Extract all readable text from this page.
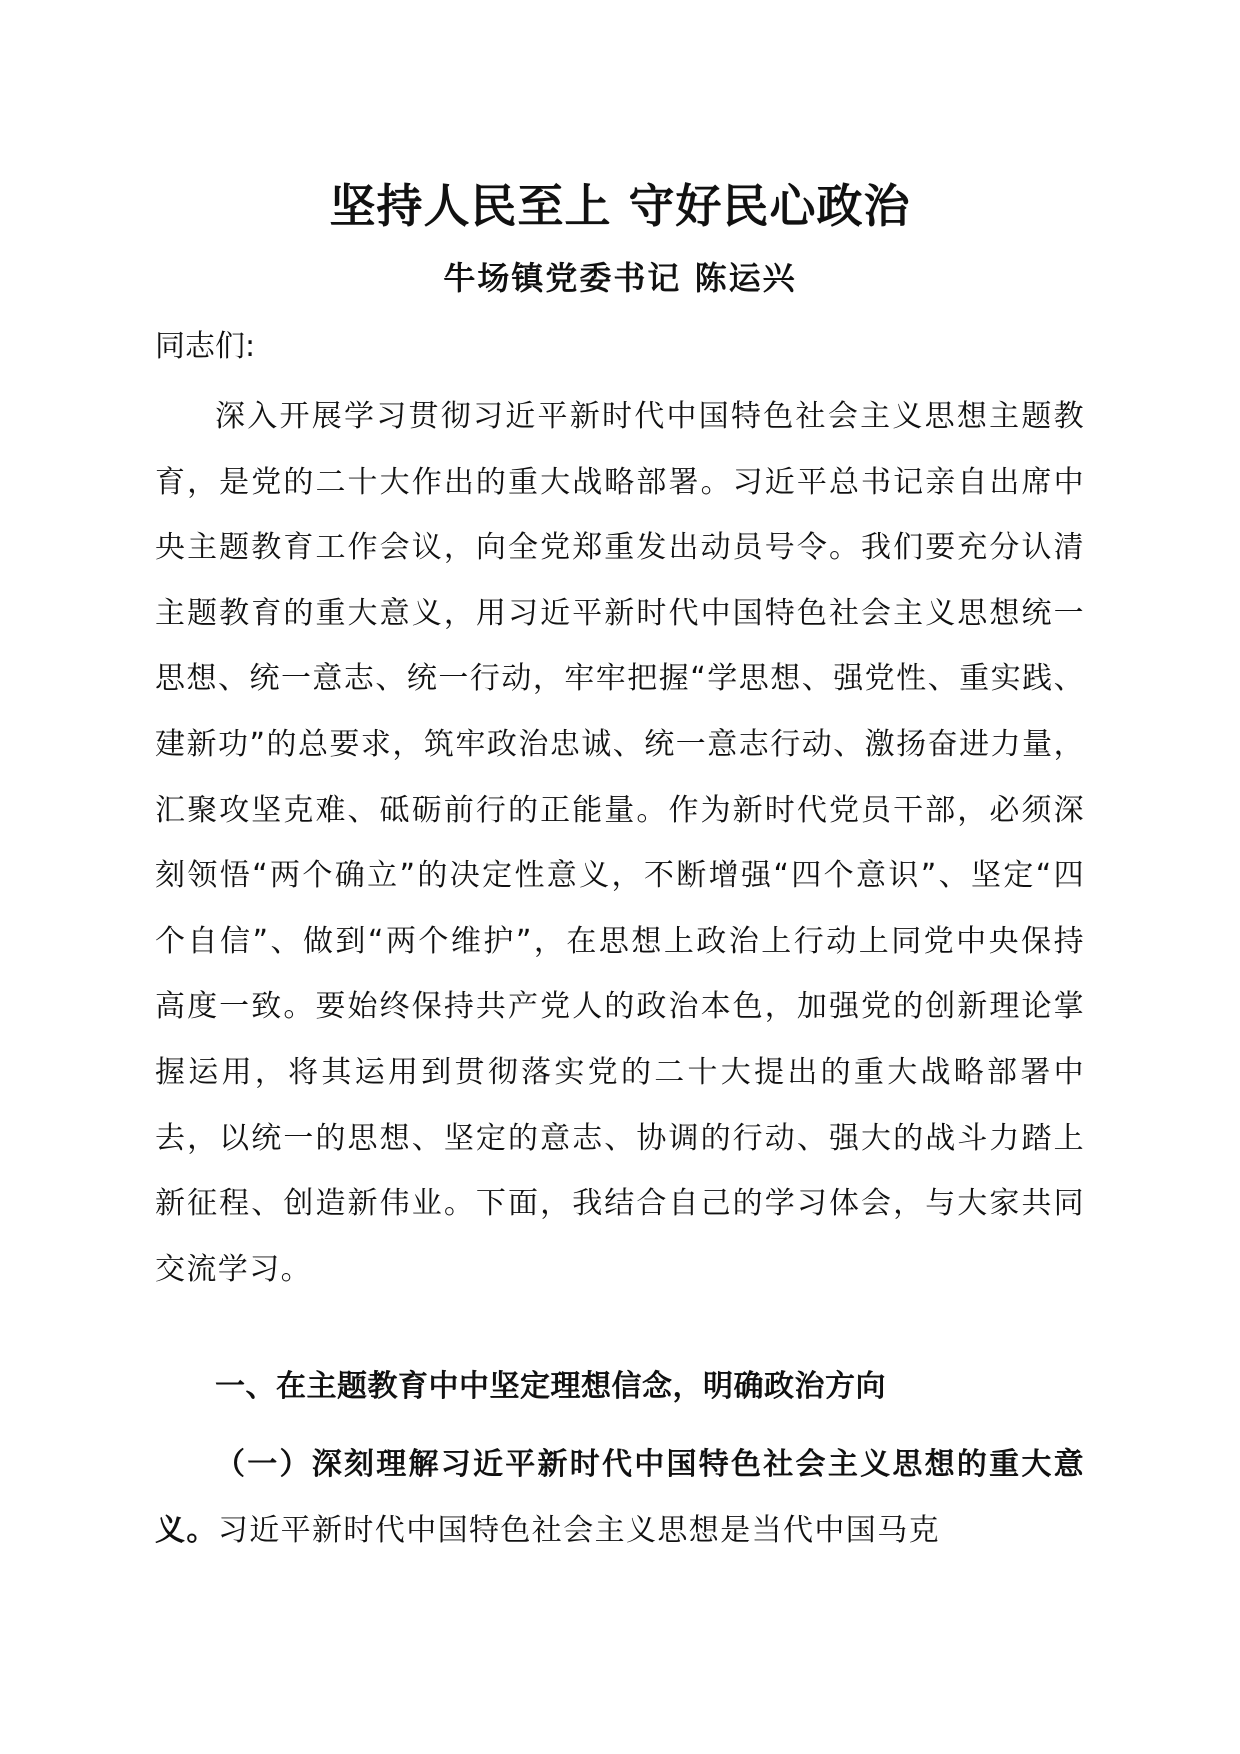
坚持人民至上 守好民心政治
牛场镇党委书记 陈运兴
同志们:

深入开展学习贯彻习近平新时代中国特色社会主义思想主题教育，是党的二十大作出的重大战略部署。习近平总书记亲自出席中央主题教育工作会议，向全党郑重发出动员号令。我们要充分认清主题教育的重大意义，用习近平新时代中国特色社会主义思想统一思想、统一意志、统一行动，牢牢把握“学思想、强党性、重实践、建新功”的总要求，筑牢政治忠诚、统一意志行动、激扬奋进力量，汇聚攻坚克难、砥砺前行的正能量。作为新时代党员干部，必须深刻领悟“两个确立”的决定性意义，不断增强“四个意识”、坚定“四个自信”、做到“两个维护”，在思想上政治上行动上同党中央保持高度一致。要始终保持共产党人的政治本色，加强党的创新理论掌握运用，将其运用到贯彻落实党的二十大提出的重大战略部署中去，以统一的思想、坚定的意志、协调的行动、强大的战斗力踏上新征程、创造新伟业。下面，我结合自己的学习体会，与大家共同交流学习。

一、在主题教育中中坚定理想信念，明确政治方向

（一）深刻理解习近平新时代中国特色社会主义思想的重大意义。习近平新时代中国特色社会主义思想是当代中国马克
